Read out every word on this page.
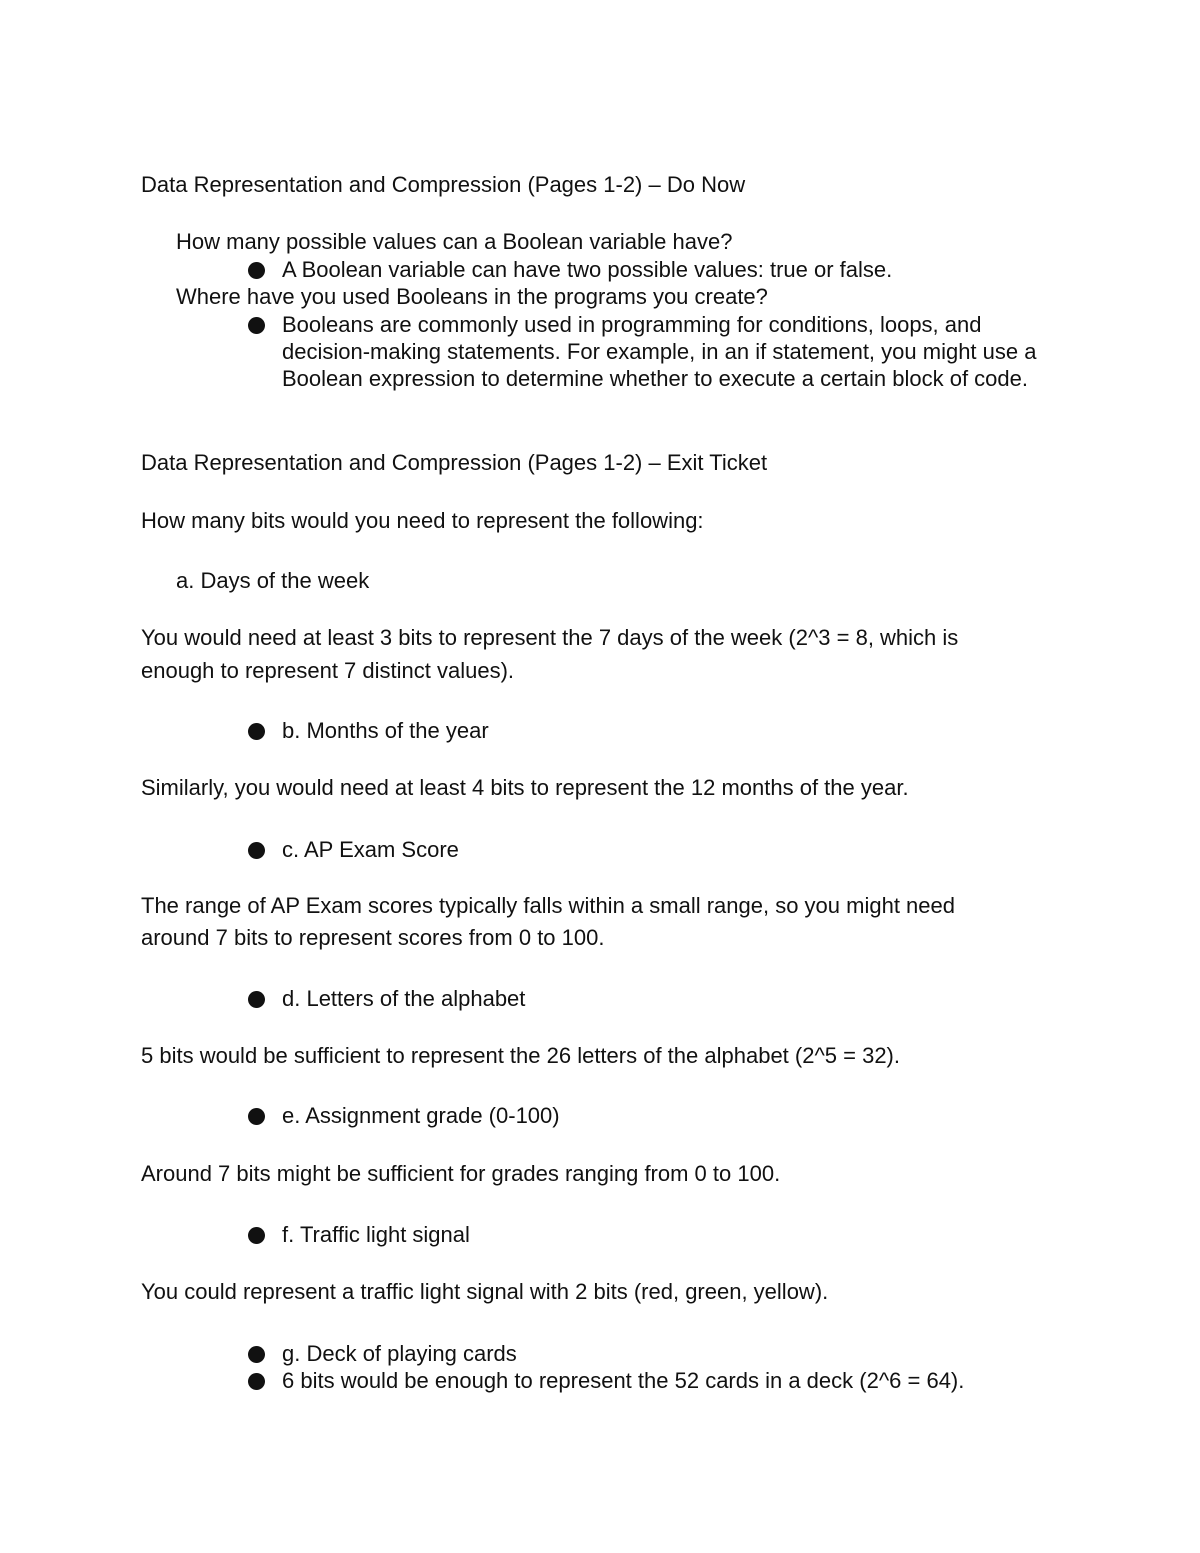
Data Representation and Compression (Pages 1-2) – Do Now
How many possible values can a Boolean variable have?
A Boolean variable can have two possible values: true or false.
Where have you used Booleans in the programs you create?
Booleans are commonly used in programming for conditions, loops, and decision-making statements. For example, in an if statement, you might use a Boolean expression to determine whether to execute a certain block of code.
Data Representation and Compression (Pages 1-2) – Exit Ticket
How many bits would you need to represent the following:
a. Days of the week
You would need at least 3 bits to represent the 7 days of the week (2^3 = 8, which is
enough to represent 7 distinct values).
b. Months of the year
Similarly, you would need at least 4 bits to represent the 12 months of the year.
c. AP Exam Score
The range of AP Exam scores typically falls within a small range, so you might need
around 7 bits to represent scores from 0 to 100.
d. Letters of the alphabet
5 bits would be sufficient to represent the 26 letters of the alphabet (2^5 = 32).
e. Assignment grade (0-100)
Around 7 bits might be sufficient for grades ranging from 0 to 100.
f. Traffic light signal
You could represent a traffic light signal with 2 bits (red, green, yellow).
g. Deck of playing cards
6 bits would be enough to represent the 52 cards in a deck (2^6 = 64).
